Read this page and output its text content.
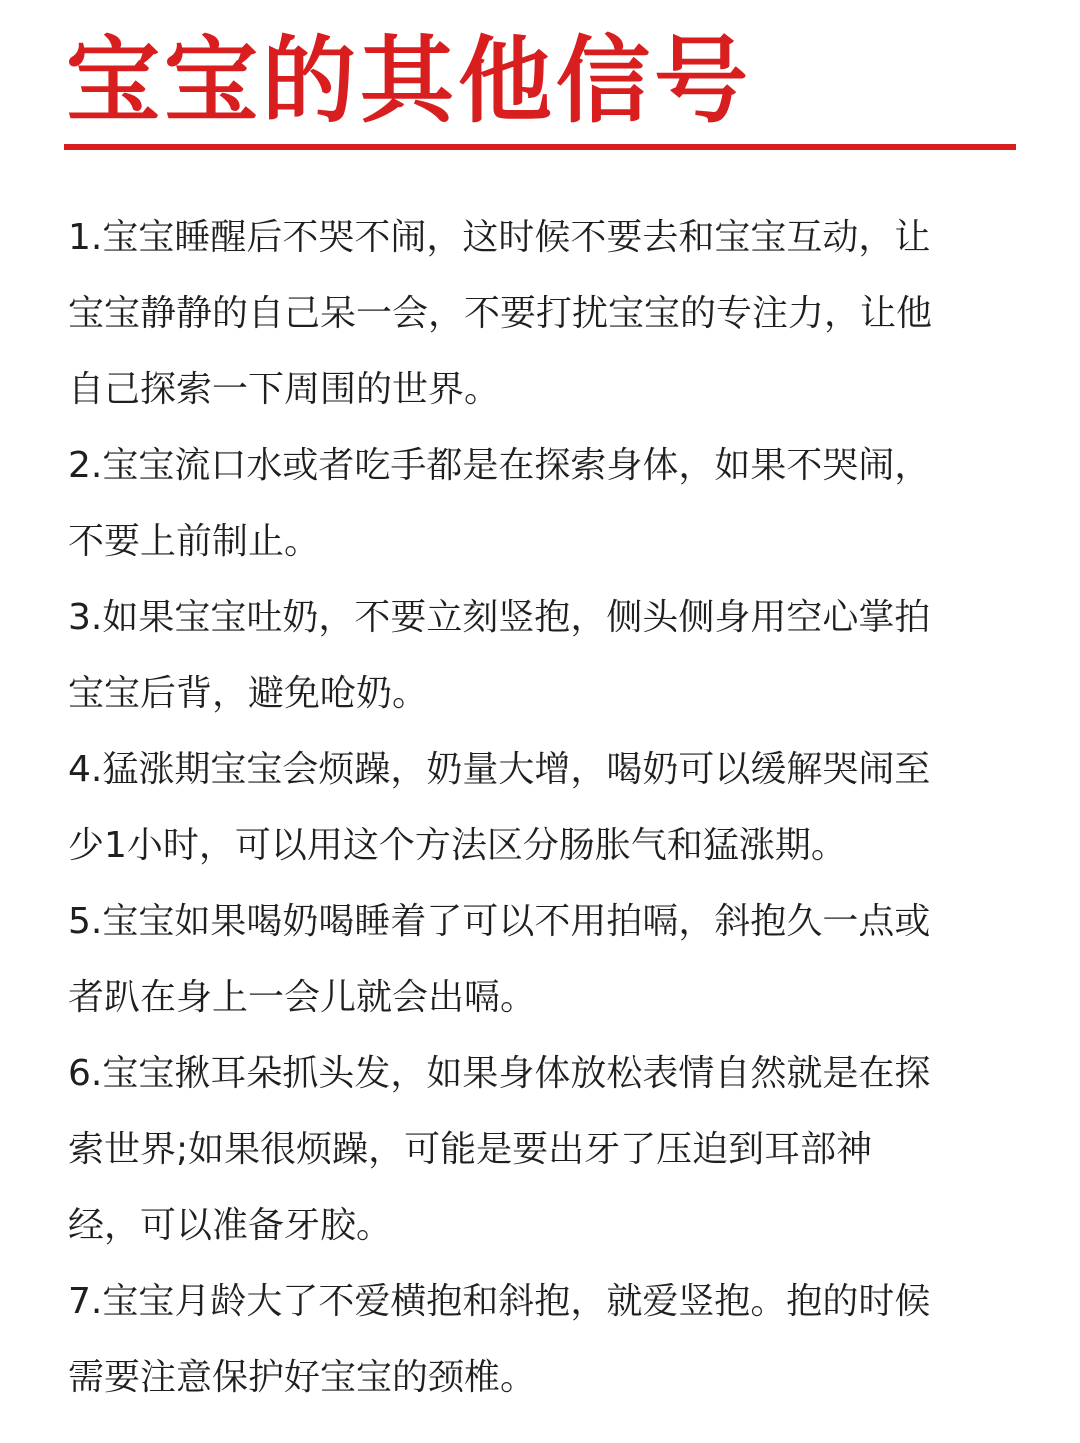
宝宝的其他信号

1.宝宝睡醒后不哭不闹，这时候不要去和宝宝互动，让
宝宝静静的自己呆一会，不要打扰宝宝的专注力，让他
自己探索一下周围的世界。

2.宝宝流口水或者吃手都是在探索身体，如果不哭闹，
不要上前制止。

3.如果宝宝吐奶，不要立刻竖抱，侧头侧身用空心掌拍
宝宝后背，避免呛奶。

4.猛涨期宝宝会烦躁，奶量大增，喝奶可以缓解哭闹至
少1小时，可以用这个方法区分肠胀气和猛涨期。

5.宝宝如果喝奶喝睡着了可以不用拍嗝，斜抱久一点或
者趴在身上一会儿就会出嗝。

6.宝宝揪耳朵抓头发，如果身体放松表情自然就是在探
索世界;如果很烦躁，可能是要出牙了压迫到耳部神
经，可以准备牙胶。

7.宝宝月龄大了不爱横抱和斜抱，就爱竖抱。抱的时候
需要注意保护好宝宝的颈椎。
